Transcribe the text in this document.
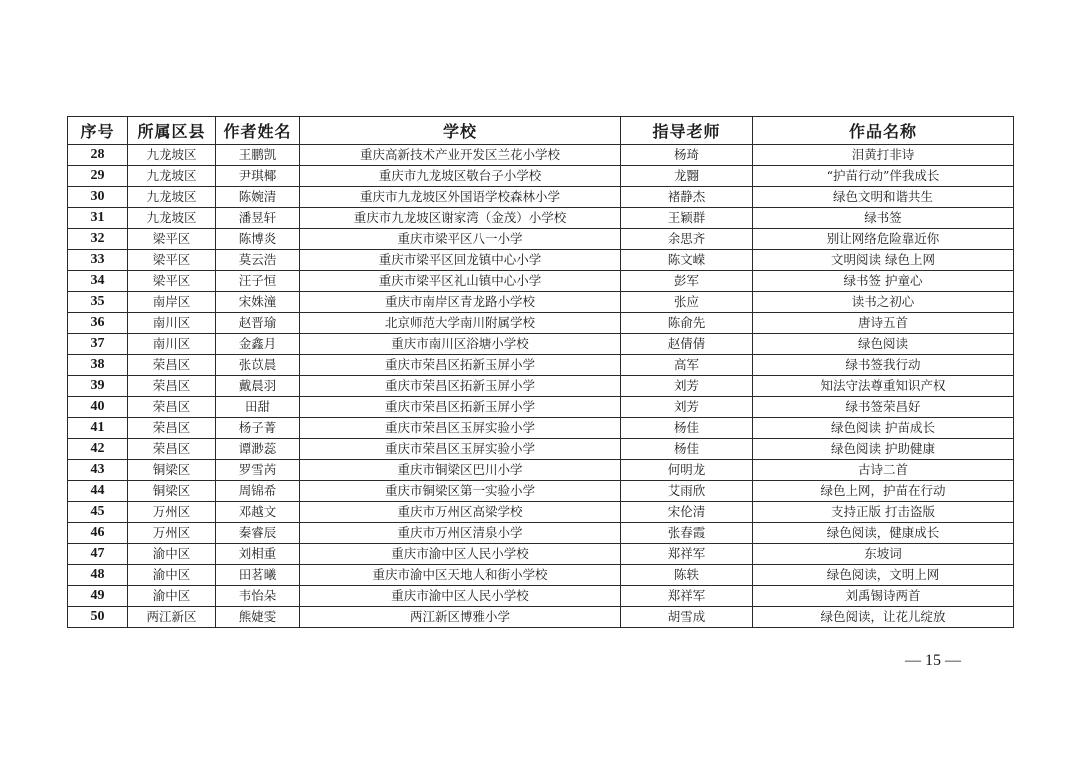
序号	所属区县	作者姓名	学校	指导老师	作品名称
28	九龙坡区	王鹏凯	重庆高新技术产业开发区兰花小学校	杨琦	泪黄打非诗
29	九龙坡区	尹琪椰	重庆市九龙坡区敬台子小学校	龙翾	“护苗行动”伴我成长
30	九龙坡区	陈婉清	重庆市九龙坡区外国语学校森林小学	褚静杰	绿色文明和谐共生
31	九龙坡区	潘昱轩	重庆市九龙坡区谢家湾（金茂）小学校	王颖群	绿书签
32	梁平区	陈博炎	重庆市梁平区八一小学	余思齐	别让网络危险靠近你
33	梁平区	莫云浩	重庆市梁平区回龙镇中心小学	陈文嵘	文明阅读 绿色上网
34	梁平区	汪子恒	重庆市梁平区礼山镇中心小学	彭军	绿书签 护童心
35	南岸区	宋姝潼	重庆市南岸区青龙路小学校	张应	读书之初心
36	南川区	赵晋瑜	北京师范大学南川附属学校	陈俞先	唐诗五首
37	南川区	金鑫月	重庆市南川区浴塘小学校	赵倩倩	绿色阅读
38	荣昌区	张苡晨	重庆市荣昌区拓新玉屏小学	高军	绿书签我行动
39	荣昌区	戴晨羽	重庆市荣昌区拓新玉屏小学	刘芳	知法守法尊重知识产权
40	荣昌区	田甜	重庆市荣昌区拓新玉屏小学	刘芳	绿书签荣昌好
41	荣昌区	杨子菁	重庆市荣昌区玉屏实验小学	杨佳	绿色阅读 护苗成长
42	荣昌区	谭渺蕊	重庆市荣昌区玉屏实验小学	杨佳	绿色阅读 护助健康
43	铜梁区	罗雪芮	重庆市铜梁区巴川小学	何明龙	古诗二首
44	铜梁区	周锦希	重庆市铜梁区第一实验小学	艾雨欣	绿色上网，护苗在行动
45	万州区	邓越文	重庆市万州区高梁学校	宋伦清	支持正版 打击盗版
46	万州区	秦睿辰	重庆市万州区清泉小学	张春霞	绿色阅读，健康成长
47	渝中区	刘相重	重庆市渝中区人民小学校	郑祥军	东坡词
48	渝中区	田茗曦	重庆市渝中区天地人和街小学校	陈轶	绿色阅读，文明上网
49	渝中区	韦怡朵	重庆市渝中区人民小学校	郑祥军	刘禹锡诗两首
50	两江新区	熊婕雯	两江新区博雅小学	胡雪成	绿色阅读，让花儿绽放
— 15 —
